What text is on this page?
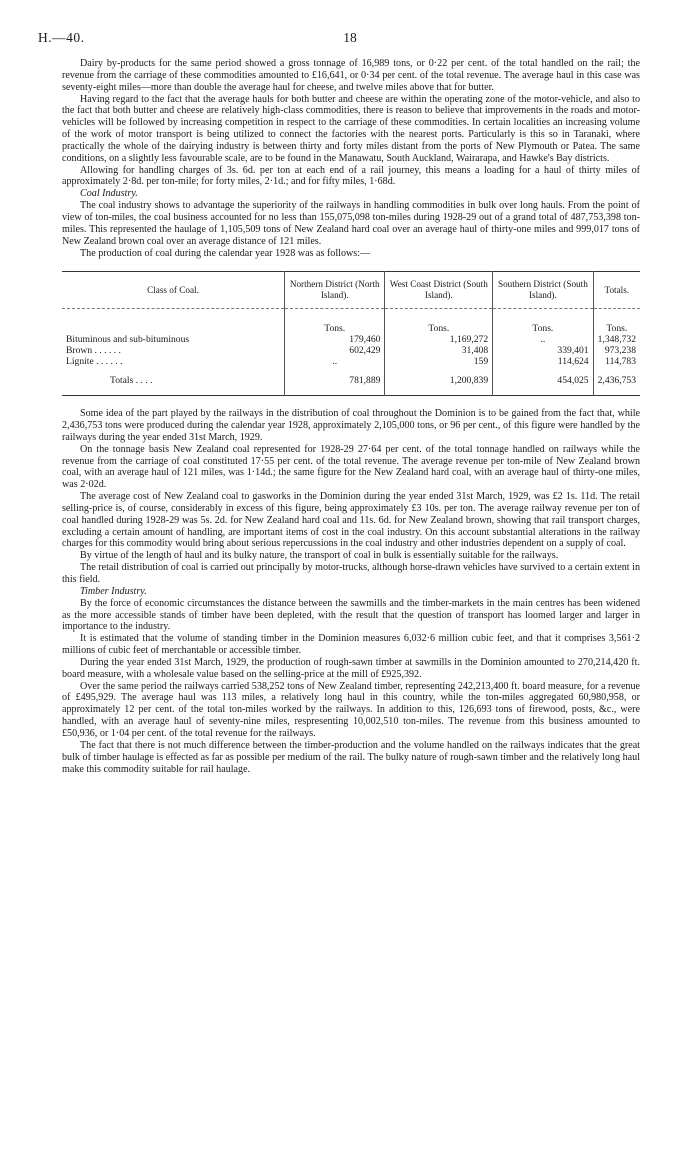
H.—40.	18

Dairy by-products for the same period showed a gross tonnage of 16,989 tons, or 0·22 per cent. of the total handled on the rail; the revenue from the carriage of these commodities amounted to £16,641, or 0·34 per cent. of the total revenue. The average haul in this case was seventy-eight miles—more than double the average haul for cheese, and twelve miles above that for butter.

Having regard to the fact that the average hauls for both butter and cheese are within the operating zone of the motor-vehicle, and also to the fact that both butter and cheese are relatively high-class commodities, there is reason to believe that improvements in the roads and motor-vehicles will be followed by increasing competition in respect to the carriage of these commodities. In certain localities an increasing volume of the work of motor transport is being utilized to connect the factories with the nearest ports. Particularly is this so in Taranaki, where practically the whole of the dairying industry is between thirty and forty miles distant from the ports of New Plymouth or Patea. The same conditions, on a slightly less favourable scale, are to be found in the Manawatu, South Auckland, Wairarapa, and Hawke's Bay districts.

Allowing for handling charges of 3s. 6d. per ton at each end of a rail journey, this means a loading for a haul of thirty miles of approximately 2·8d. per ton-mile; for forty miles, 2·1d.; and for fifty miles, 1·68d.

Coal Industry.

The coal industry shows to advantage the superiority of the railways in handling commodities in bulk over long hauls. From the point of view of ton-miles, the coal business accounted for no less than 155,075,098 ton-miles during 1928-29 out of a grand total of 487,753,398 ton-miles. This represented the haulage of 1,105,509 tons of New Zealand hard coal over an average haul of thirty-one miles and 999,017 tons of New Zealand brown coal over an average distance of 121 miles.

The production of coal during the calendar year 1928 was as follows:—

Class of Coal.	Northern District (North Island).	West Coast District (South Island).	Southern District (South Island).	Totals.
	Tons.	Tons.	Tons.	Tons.
Bituminous and sub-bituminous	179,460	1,169,272	..	1,348,732
Brown . . . . . .	602,429	31,408	339,401	973,238
Lignite . . . . . .	..	159	114,624	114,783
Totals . . . .	781,889	1,200,839	454,025	2,436,753

Some idea of the part played by the railways in the distribution of coal throughout the Dominion is to be gained from the fact that, while 2,436,753 tons were produced during the calendar year 1928, approximately 2,105,000 tons, or 96 per cent., of this figure were handled by the railways during the year ended 31st March, 1929.

On the tonnage basis New Zealand coal represented for 1928-29 27·64 per cent. of the total tonnage handled on railways while the revenue from the carriage of coal constituted 17·55 per cent. of the total revenue. The average revenue per ton-mile of New Zealand brown coal, with an average haul of 121 miles, was 1·14d.; the same figure for the New Zealand hard coal, with an average haul of thirty-one miles, was 2·02d.

The average cost of New Zealand coal to gasworks in the Dominion during the year ended 31st March, 1929, was £2 1s. 11d. The retail selling-price is, of course, considerably in excess of this figure, being approximately £3 10s. per ton. The average railway revenue per ton of coal handled during 1928-29 was 5s. 2d. for New Zealand hard coal and 11s. 6d. for New Zealand brown, showing that rail transport charges, excluding a certain amount of handling, are important items of cost in the coal industry. On this account substantial alterations in the railway charges for this commodity would bring about serious repercussions in the coal industry and other industries dependent on a supply of coal.

By virtue of the length of haul and its bulky nature, the transport of coal in bulk is essentially suitable for the railways.

The retail distribution of coal is carried out principally by motor-trucks, although horse-drawn vehicles have survived to a certain extent in this field.

Timber Industry.

By the force of economic circumstances the distance between the sawmills and the timber-markets in the main centres has been widened as the more accessible stands of timber have been depleted, with the result that the question of transport has loomed larger and larger in importance to the industry.

It is estimated that the volume of standing timber in the Dominion measures 6,032·6 million cubic feet, and that it comprises 3,561·2 millions of cubic feet of merchantable or accessible timber.

During the year ended 31st March, 1929, the production of rough-sawn timber at sawmills in the Dominion amounted to 270,214,420 ft. board measure, with a wholesale value based on the selling-price at the mill of £925,392.

Over the same period the railways carried 538,252 tons of New Zealand timber, representing 242,213,400 ft. board measure, for a revenue of £495,929. The average haul was 113 miles, a relatively long haul in this country, while the ton-miles aggregated 60,980,958, or approximately 12 per cent. of the total ton-miles worked by the railways. In addition to this, 126,693 tons of firewood, posts, &c., were handled, with an average haul of seventy-nine miles, respresenting 10,002,510 ton-miles. The revenue from this business amounted to £50,936, or 1·04 per cent. of the total revenue for the railways.

The fact that there is not much difference between the timber-production and the volume handled on the railways indicates that the great bulk of timber haulage is effected as far as possible per medium of the rail. The bulky nature of rough-sawn timber and the relatively long haul make this commodity suitable for rail haulage.
